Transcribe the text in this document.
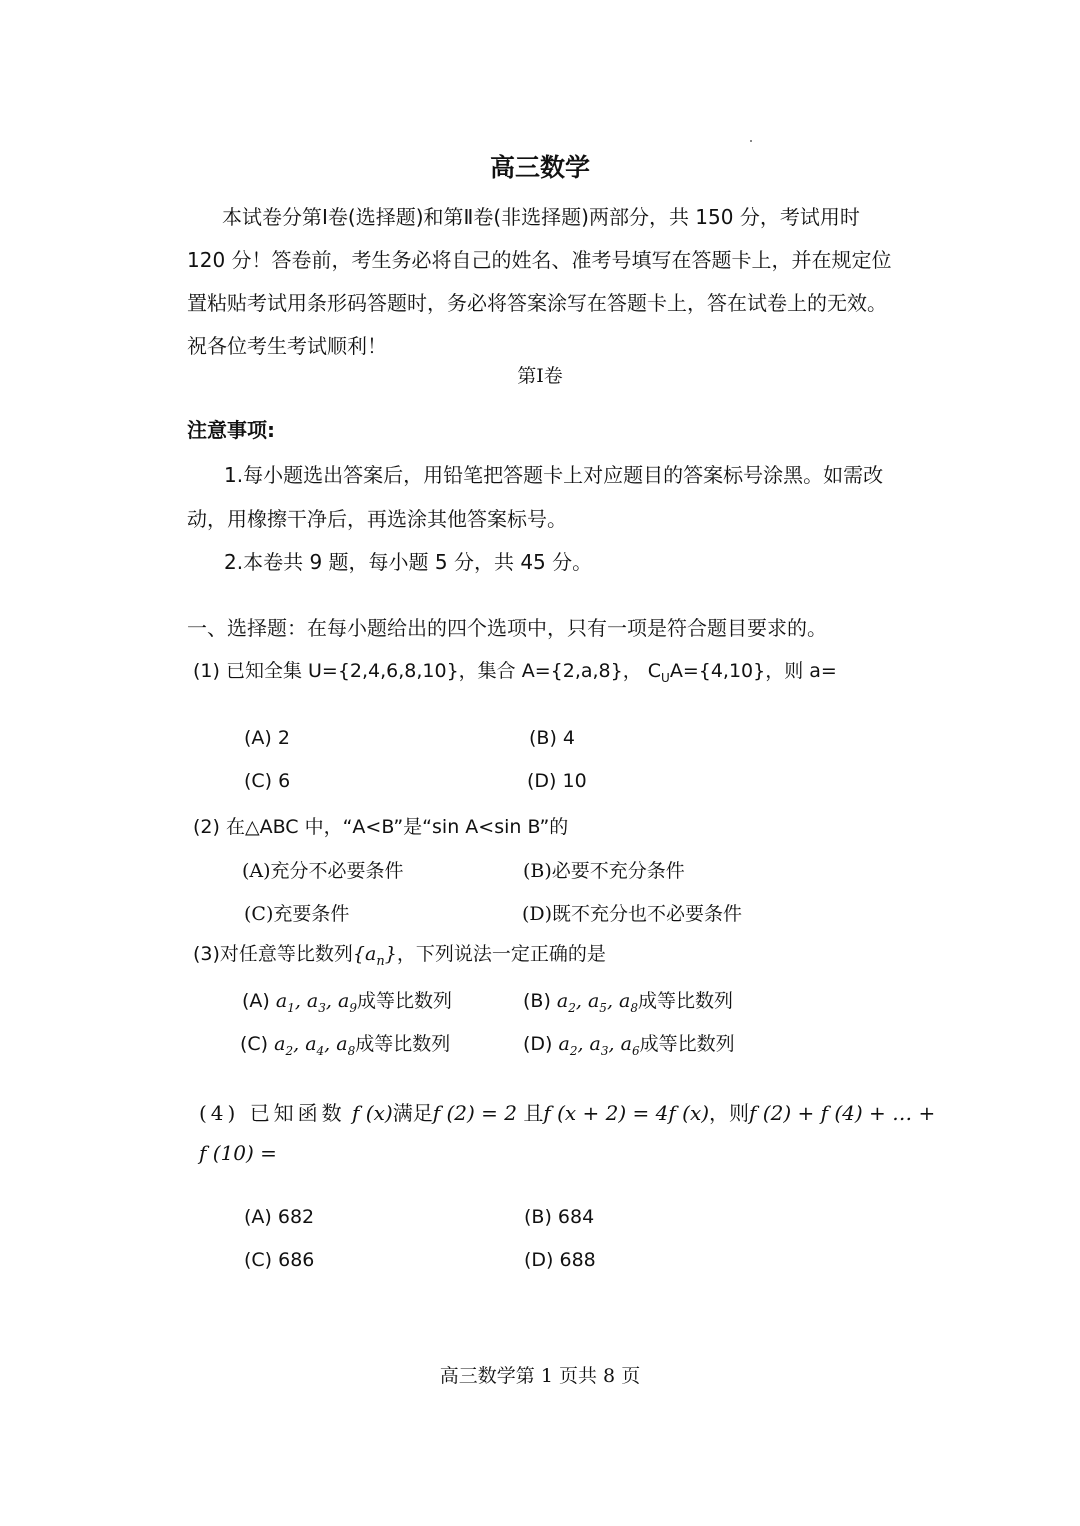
高三数学
本试卷分第Ⅰ卷(选择题)和第Ⅱ卷(非选择题)两部分，共 150 分，考试用时
120 分！答卷前，考生务必将自己的姓名、准考号填写在答题卡上，并在规定位
置粘贴考试用条形码答题时，务必将答案涂写在答题卡上，答在试卷上的无效。
祝各位考生考试顺利！
第Ⅰ卷
注意事项:
1.每小题选出答案后，用铅笔把答题卡上对应题目的答案标号涂黑。如需改
动，用橡擦干净后，再选涂其他答案标号。
2.本卷共 9 题，每小题 5 分，共 45 分。
一、选择题：在每小题给出的四个选项中，只有一项是符合题目要求的。
(1) 已知全集 U={2,4,6,8,10}，集合 A={2,a,8}， $C_UA=\{4,10\}$，则 a=
(A) 2	(B) 4
(C) 6	(D) 10
(2) 在△ABC 中，“A<B”是“sin A<sin B”的
(A)充分不必要条件	(B)必要不充分条件
(C)充要条件	(D)既不充分也不必要条件
(3)对任意等比数列$\{a_n\}$，下列说法一定正确的是
(A) $a_1$, $a_3$, $a_9$成等比数列	(B) $a_2$, $a_5$, $a_8$成等比数列
(C) $a_2$, $a_4$, $a_8$成等比数列	(D) $a_2$, $a_3$, $a_6$成等比数列
(4) 已知函数 f (x)满足f (2) = 2 且f (x + 2) = 4f (x)，则f (2) + f (4) + … +
f (10) =
(A) 682	(B) 684
(C) 686	(D) 688
高三数学第 1 页共 8 页
